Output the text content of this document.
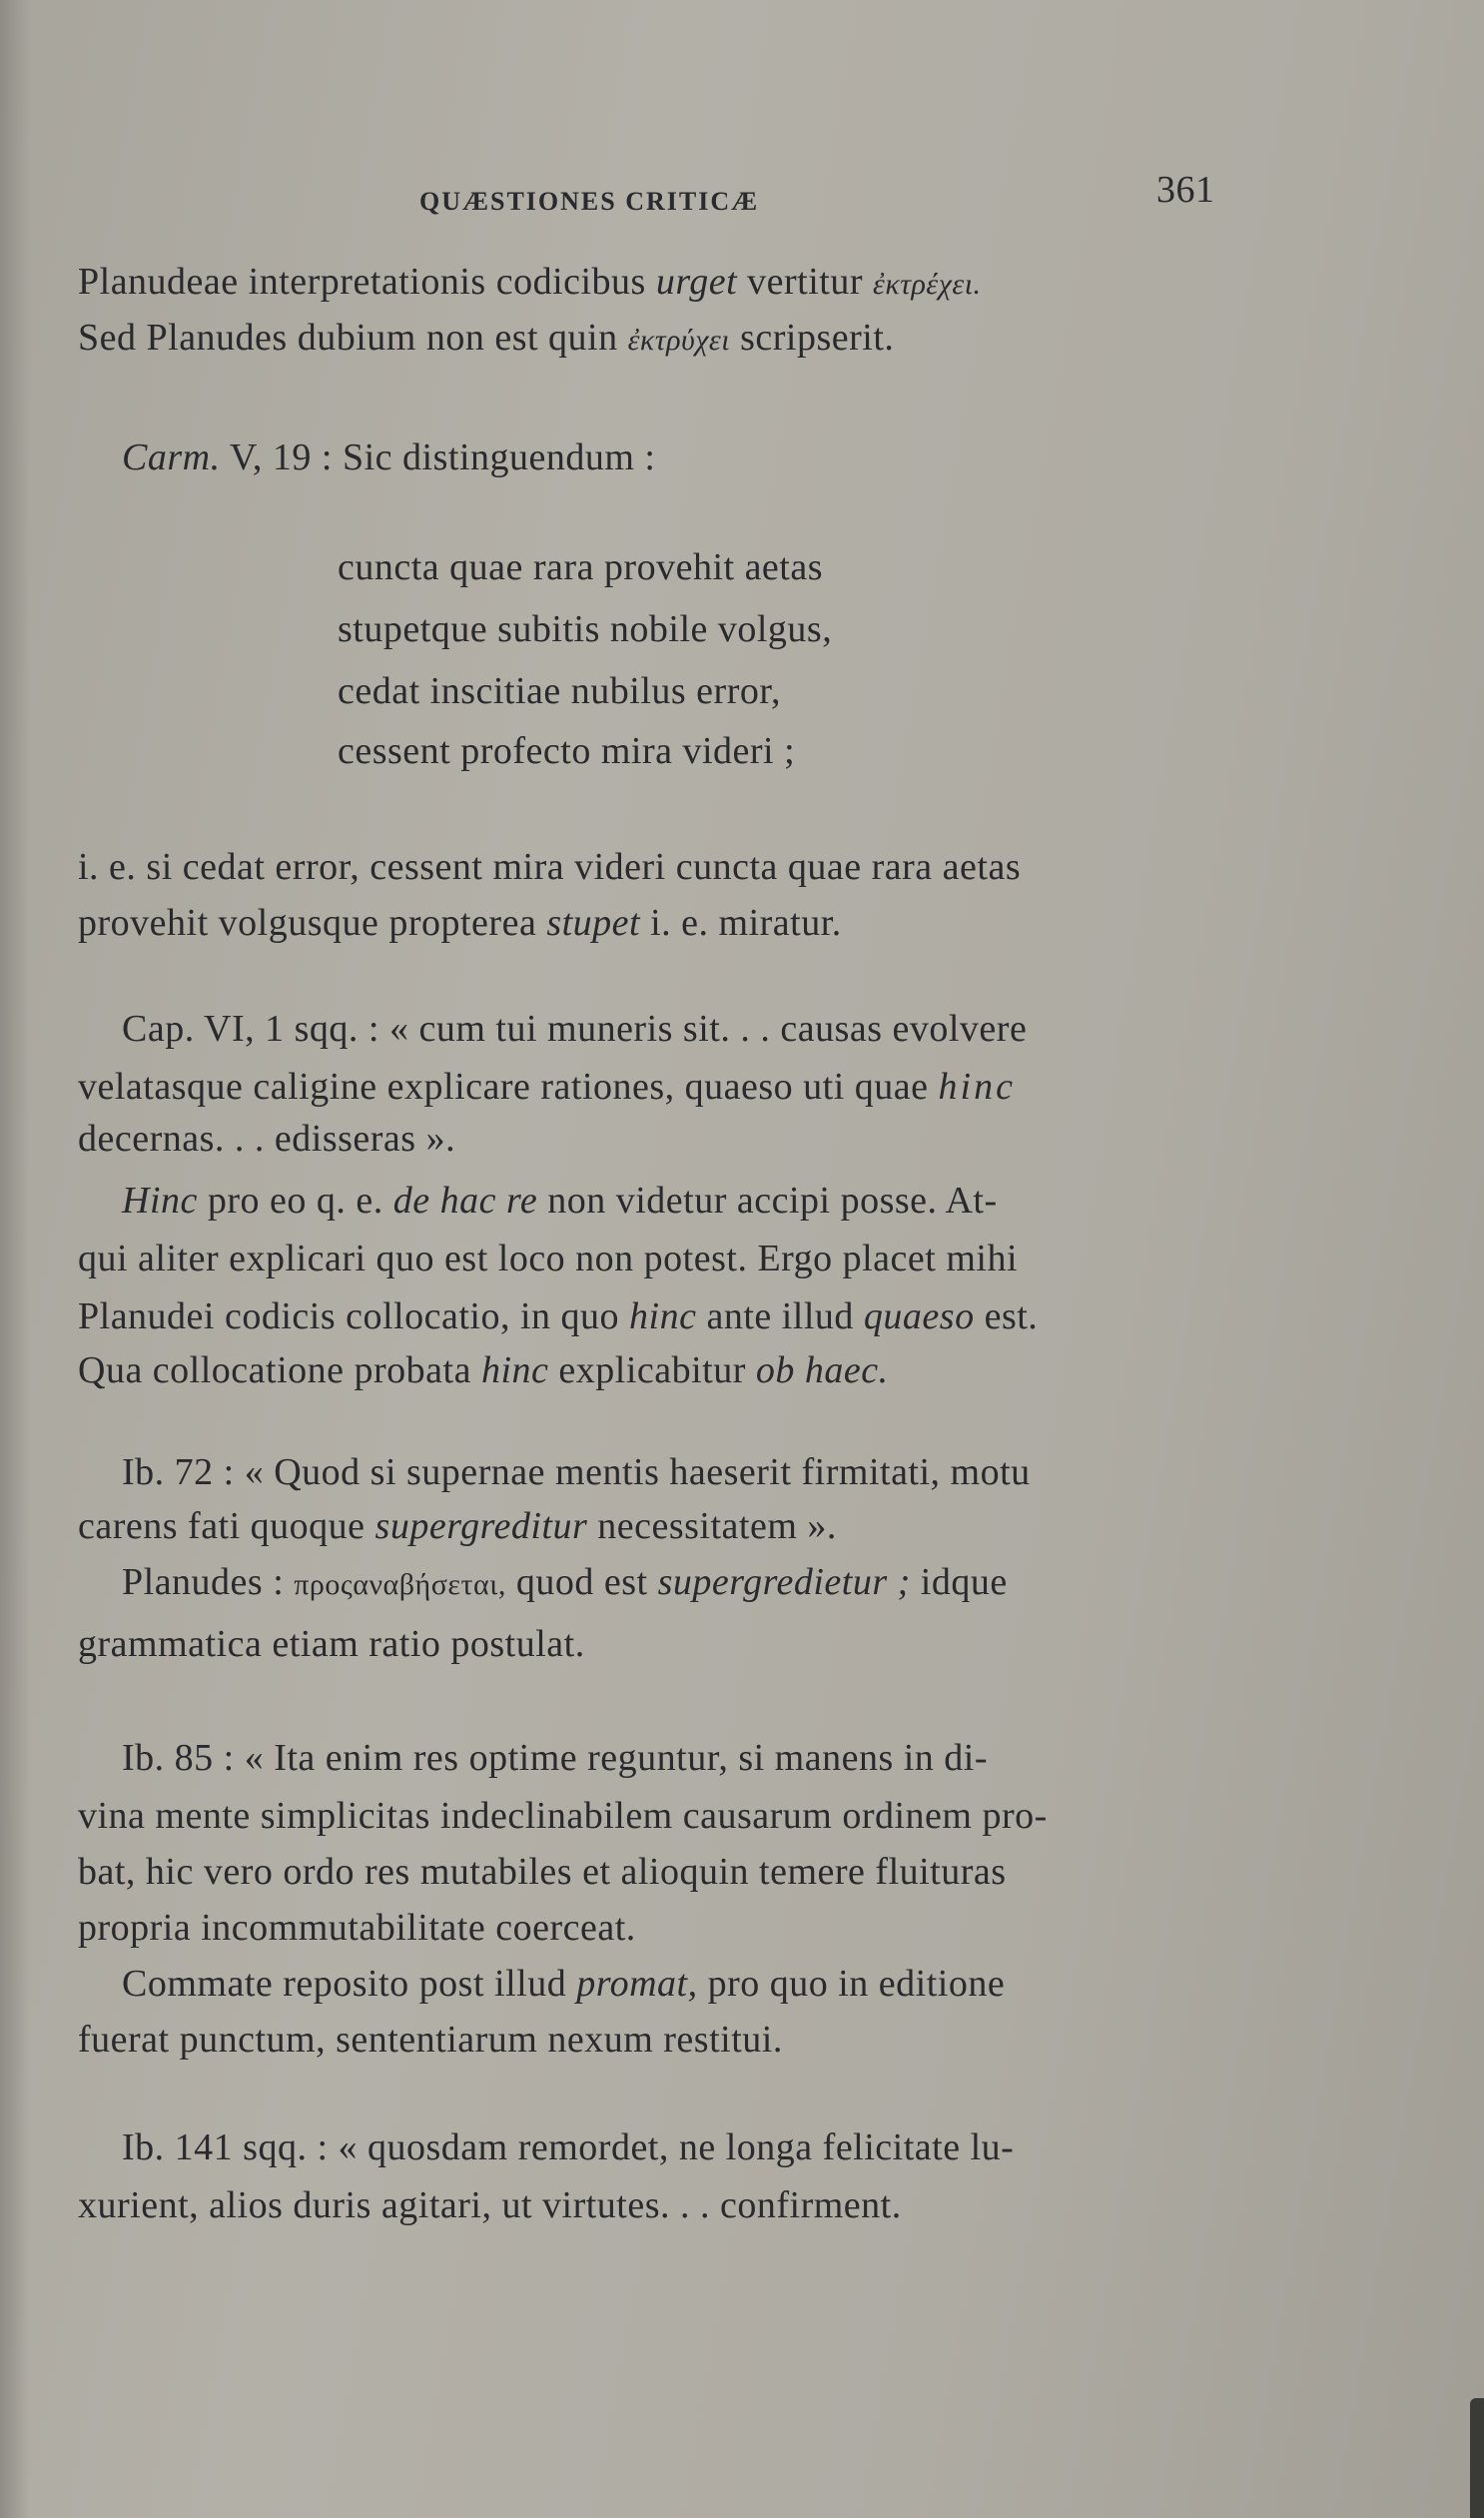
QUÆSTIONES CRITICÆ	361
Planudeae interpretationis codicibus urget vertitur ἐκτρέχει.
Sed Planudes dubium non est quin ἐκτρύχει scripserit.
Carm. V, 19 : Sic distinguendum :
cuncta quae rara provehit aetas
stupetque subitis nobile volgus,
cedat inscitiae nubilus error,
cessent profecto mira videri ;
i. e. si cedat error, cessent mira videri cuncta quae rara aetas
provehit volgusque propterea stupet i. e. miratur.
Cap. VI, 1 sqq. : « cum tui muneris sit. . . causas evolvere
velatasque caligine explicare rationes, quaeso uti quae hinc
decernas. . . edisseras ».
Hinc pro eo q. e. de hac re non videtur accipi posse. At-
qui aliter explicari quo est loco non potest. Ergo placet mihi
Planudei codicis collocatio, in quo hinc ante illud quaeso est.
Qua collocatione probata hinc explicabitur ob haec.
Ib. 72 : « Quod si supernae mentis haeserit firmitati, motu
carens fati quoque supergreditur necessitatem ».
Planudes : προςαναβήσεται, quod est supergredietur ; idque
grammatica etiam ratio postulat.
Ib. 85 : « Ita enim res optime reguntur, si manens in di-
vina mente simplicitas indeclinabilem causarum ordinem pro-
bat, hic vero ordo res mutabiles et alioquin temere fluituras
propria incommutabilitate coerceat.
Commate reposito post illud promat, pro quo in editione
fuerat punctum, sententiarum nexum restitui.
Ib. 141 sqq. : « quosdam remordet, ne longa felicitate lu-
xurient, alios duris agitari, ut virtutes. . . confirment.
